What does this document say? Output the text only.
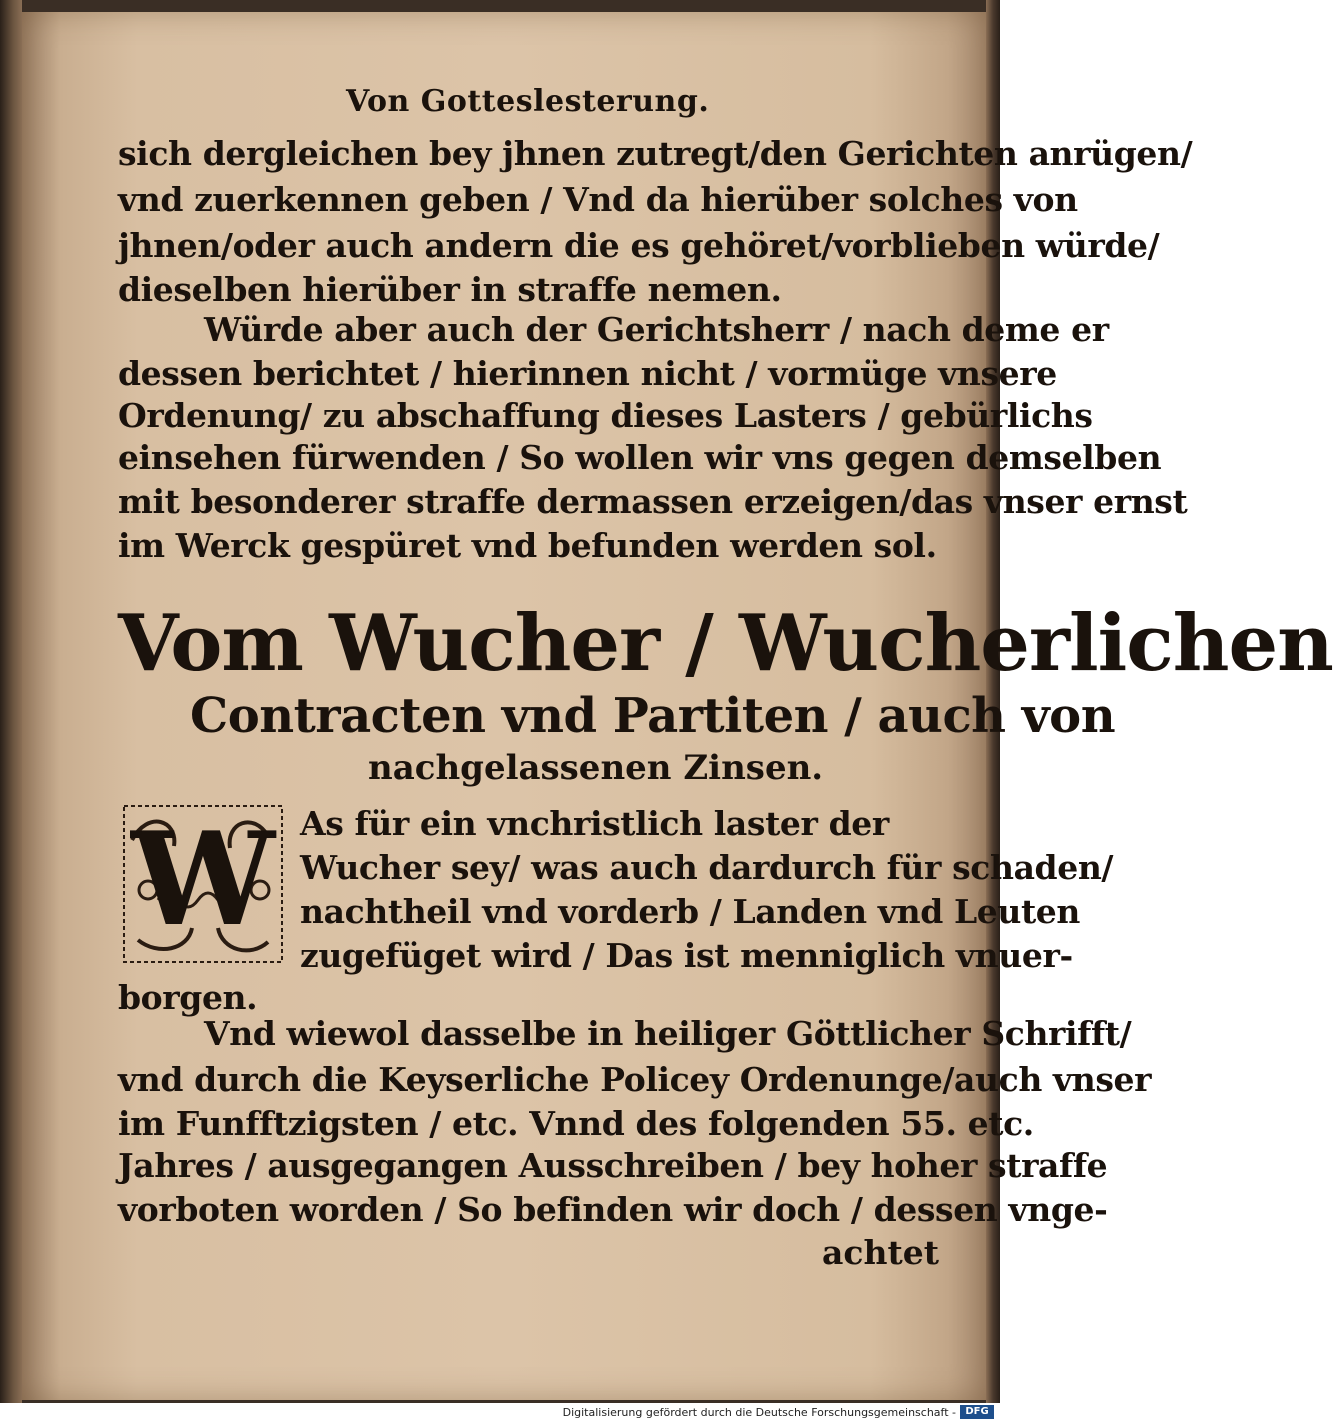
Von Gotteslesterung.
sich dergleichen bey jhnen zutregt/den Gerichten anrügen/
vnd zuerkennen geben / Vnd da hierüber solches von
jhnen/oder auch andern die es gehöret/vorblieben würde/
dieselben hierüber in straffe nemen.
Würde aber auch der Gerichtsherr / nach deme er
dessen berichtet / hierinnen nicht / vormüge vnsere
Ordenung/ zu abschaffung dieses Lasters / gebürlichs
einsehen fürwenden / So wollen wir vns gegen demselben
mit besonderer straffe dermassen erzeigen/das vnser ernst
im Werck gespüret vnd befunden werden sol.
Vom Wucher / Wucherlichen
Contracten vnd Partiten / auch von
nachgelassenen Zinsen.
W As für ein vnchristlich laster der
Wucher sey/ was auch dardurch für schaden/
nachtheil vnd vorderb / Landen vnd Leuten
zugefüget wird / Das ist menniglich vnuer-
borgen.
Vnd wiewol dasselbe in heiliger Göttlicher Schrifft/
vnd durch die Keyserliche Policey Ordenunge/auch vnser
im Funfftzigsten / etc. Vnnd des folgenden 55. etc.
Jahres / ausgegangen Ausschreiben / bey hoher straffe
vorboten worden / So befinden wir doch / dessen vnge-
achtet
Digitalisierung gefördert durch die Deutsche Forschungsgemeinschaft - DFG
